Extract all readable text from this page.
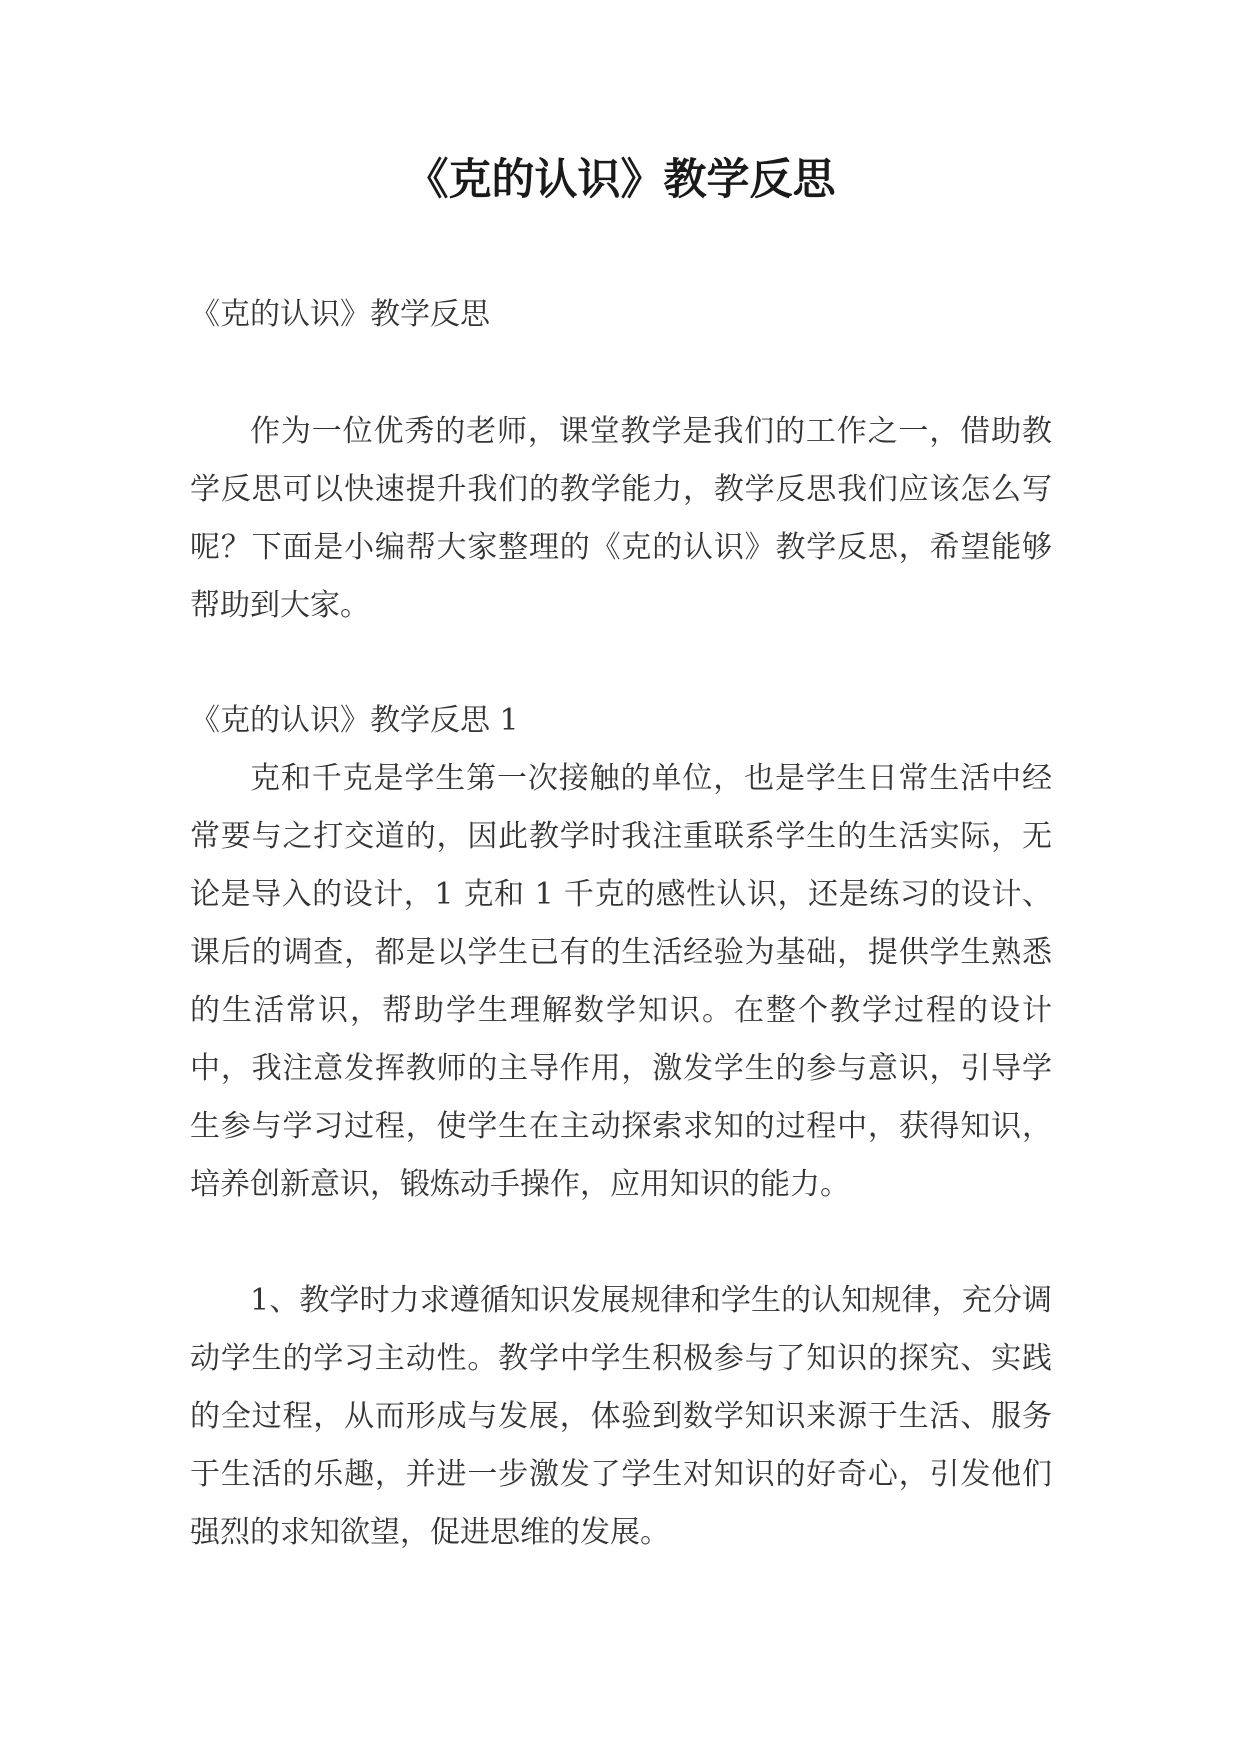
《克的认识》教学反思

《克的认识》教学反思

作为一位优秀的老师，课堂教学是我们的工作之一，借助教学反思可以快速提升我们的教学能力，教学反思我们应该怎么写呢？下面是小编帮大家整理的《克的认识》教学反思，希望能够帮助到大家。

《克的认识》教学反思 1

克和千克是学生第一次接触的单位，也是学生日常生活中经常要与之打交道的，因此教学时我注重联系学生的生活实际，无论是导入的设计，1 克和 1 千克的感性认识，还是练习的设计、课后的调查，都是以学生已有的生活经验为基础，提供学生熟悉的生活常识，帮助学生理解数学知识。在整个教学过程的设计中，我注意发挥教师的主导作用，激发学生的参与意识，引导学生参与学习过程，使学生在主动探索求知的过程中，获得知识，培养创新意识，锻炼动手操作，应用知识的能力。

1、教学时力求遵循知识发展规律和学生的认知规律，充分调动学生的学习主动性。教学中学生积极参与了知识的探究、实践的全过程，从而形成与发展，体验到数学知识来源于生活、服务于生活的乐趣，并进一步激发了学生对知识的好奇心，引发他们强烈的求知欲望，促进思维的发展。
